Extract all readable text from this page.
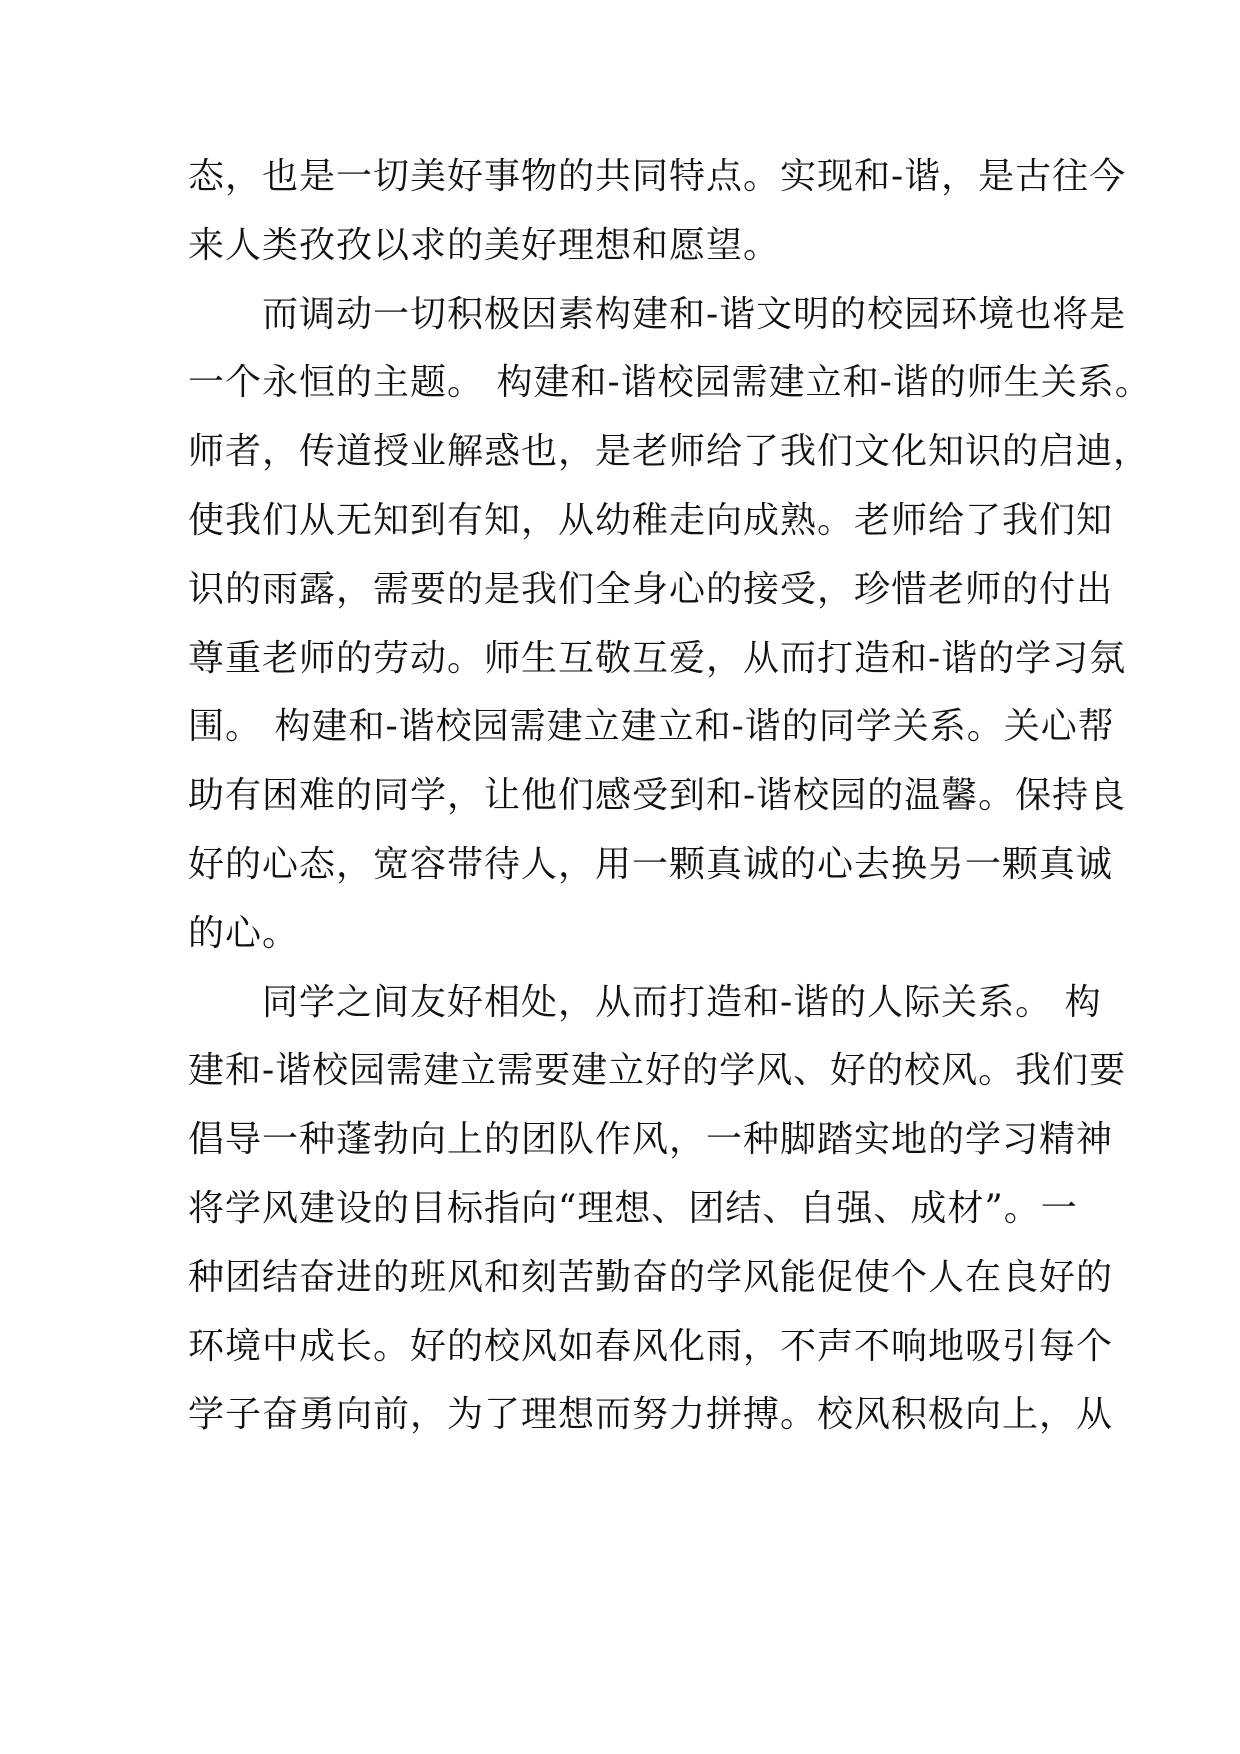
态，也是一切美好事物的共同特点。实现和-谐，是古往今
来人类孜孜以求的美好理想和愿望。
　　而调动一切积极因素构建和-谐文明的校园环境也将是
一个永恒的主题。 构建和-谐校园需建立和-谐的师生关系。
师者，传道授业解惑也，是老师给了我们文化知识的启迪，
使我们从无知到有知，从幼稚走向成熟。老师给了我们知
识的雨露，需要的是我们全身心的接受，珍惜老师的付出
尊重老师的劳动。师生互敬互爱，从而打造和-谐的学习氛
围。 构建和-谐校园需建立建立和-谐的同学关系。关心帮
助有困难的同学，让他们感受到和-谐校园的温馨。保持良
好的心态，宽容带待人，用一颗真诚的心去换另一颗真诚
的心。
　　同学之间友好相处，从而打造和-谐的人际关系。 构
建和-谐校园需建立需要建立好的学风、好的校风。我们要
倡导一种蓬勃向上的团队作风，一种脚踏实地的学习精神
将学风建设的目标指向“理想、团结、自强、成材”。一
种团结奋进的班风和刻苦勤奋的学风能促使个人在良好的
环境中成长。好的校风如春风化雨，不声不响地吸引每个
学子奋勇向前，为了理想而努力拼搏。校风积极向上，从
